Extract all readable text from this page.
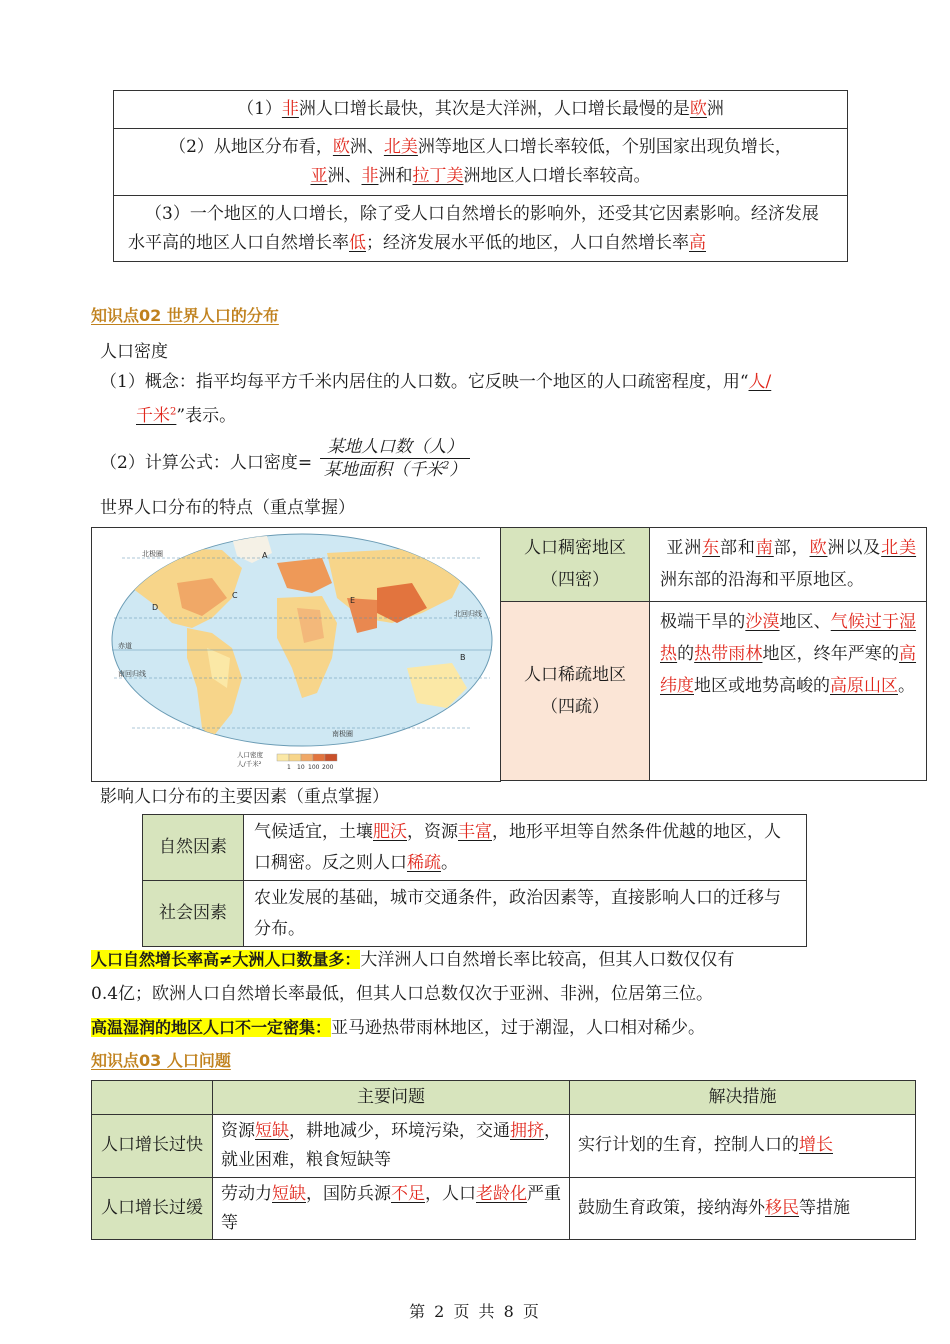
（1）非洲人口增长最快，其次是大洋洲，人口增长最慢的是欧洲
（2）从地区分布看，欧洲、北美洲等地区人口增长率较低，个别国家出现负增长，
亚洲、非洲和拉丁美洲地区人口增长率较高。
（3）一个地区的人口增长，除了受人口自然增长的影响外，还受其它因素影响。经济发展水平高的地区人口自然增长率低；经济发展水平低的地区，人口自然增长率高
知识点02 世界人口的分布
人口密度
（1）概念：指平均每平方千米内居住的人口数。它反映一个地区的人口疏密程度，用“人/
千米$^2$”表示。
（2）计算公式：人口密度=
某地人口数（人）
某地面积（千米$^2$）
世界人口分布的特点（重点掌握）
北极圈
北回归线
赤道
南回归线
南极圈
D
C
A
B
E
人口密度
人/千米²	1 10 100 200
人口稠密地区
（四密）	亚洲东部和南部，欧洲以及北美洲东部的沿海和平原地区。
人口稀疏地区
（四疏）	极端干旱的沙漠地区、气候过于湿热的热带雨林地区，终年严寒的高纬度地区或地势高峻的高原山区。
影响人口分布的主要因素（重点掌握）
自然因素	气候适宜，土壤肥沃，资源丰富，地形平坦等自然条件优越的地区，人口稠密。反之则人口稀疏。
社会因素	农业发展的基础，城市交通条件，政治因素等，直接影响人口的迁移与分布。
人口自然增长率高≠大洲人口数量多：大洋洲人口自然增长率比较高，但其人口数仅仅有
0.4亿；欧洲人口自然增长率最低，但其人口总数仅次于亚洲、非洲，位居第三位。
高温湿润的地区人口不一定密集：亚马逊热带雨林地区，过于潮湿，人口相对稀少。
知识点03 人口问题
	主要问题	解决措施
人口增长过快	资源短缺，耕地减少，环境污染，交通拥挤，就业困难，粮食短缺等	实行计划的生育，控制人口的增长
人口增长过缓	劳动力短缺，国防兵源不足，人口老龄化严重等	鼓励生育政策，接纳海外移民等措施
第 2 页 共 8 页
